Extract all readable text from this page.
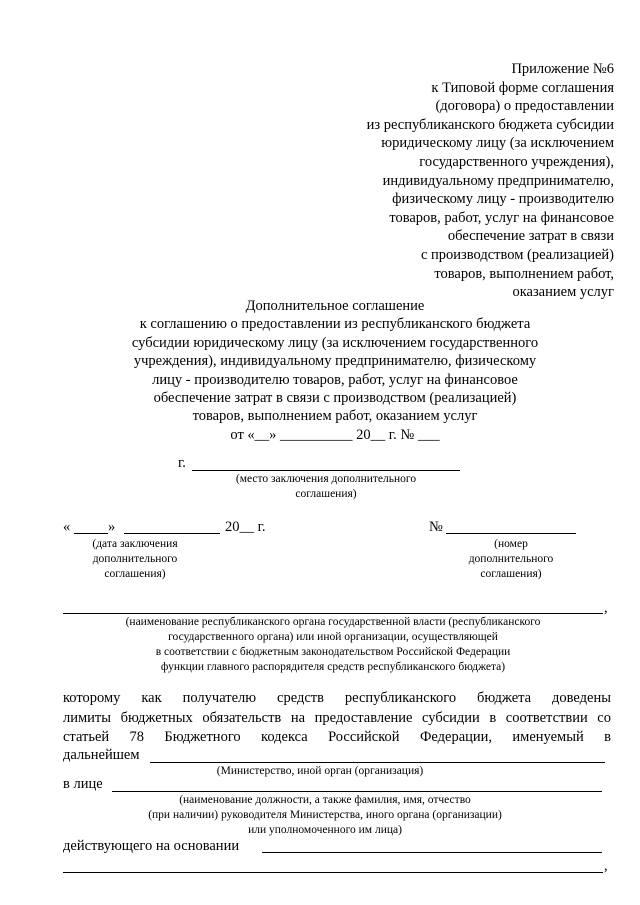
Приложение №6
к Типовой форме соглашения
(договора) о предоставлении
из республиканского бюджета субсидии
юридическому лицу (за исключением
государственного учреждения),
индивидуальному предпринимателю,
физическому лицу - производителю
товаров, работ, услуг на финансовое
обеспечение затрат в связи
с производством (реализацией)
товаров, выполнением работ,
оказанием услуг
Дополнительное соглашение
к соглашению о предоставлении из республиканского бюджета
субсидии юридическому лицу (за исключением государственного
учреждения), индивидуальному предпринимателю, физическому
лицу - производителю товаров, работ, услуг на финансовое
обеспечение затрат в связи с производством (реализацией)
товаров, выполнением работ, оказанием услуг
от «__» __________ 20__ г. № ___
г.
(место заключения дополнительного
соглашения)
«	»	20__ г.
(дата заключения
дополнительного
соглашения)
№
(номер
дополнительного
соглашения)
,
(наименование республиканского органа государственной власти (республиканского
государственного органа) или иной организации, осуществляющей
в соответствии с бюджетным законодательством Российской Федерации
функции главного распорядителя средств республиканского бюджета)
которому как получателю средств республиканского бюджета доведены
лимиты бюджетных обязательств на предоставление субсидии в соответствии со
статьей 78 Бюджетного кодекса Российской Федерации, именуемый в
дальнейшем
(Министерство, иной орган (организация)
в лице
(наименование должности, а также фамилия, имя, отчество
(при наличии) руководителя Министерства, иного органа (организации)
или уполномоченного им лица)
действующего на основании
,
